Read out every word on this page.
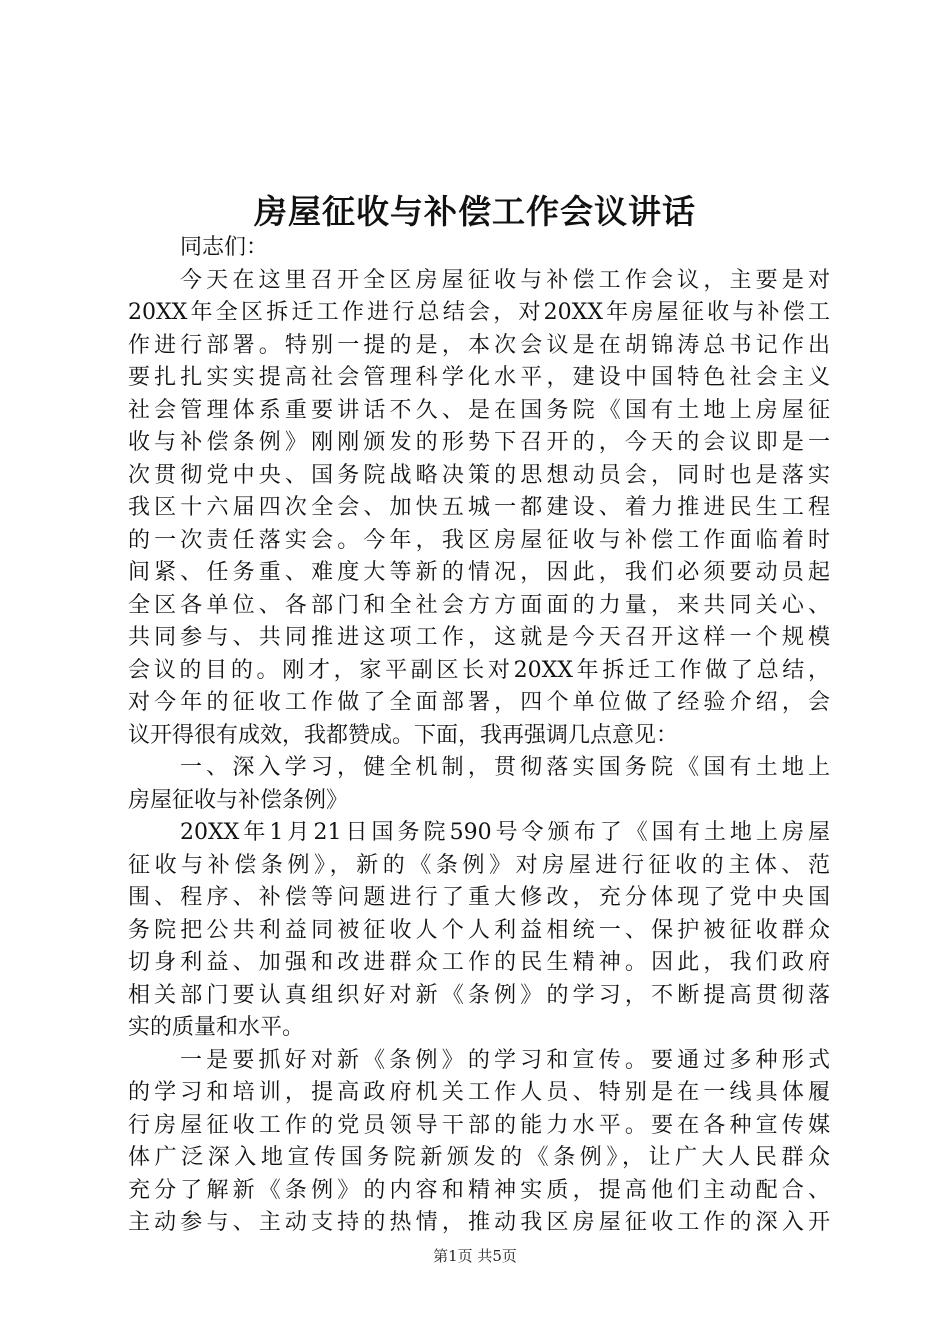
房屋征收与补偿工作会议讲话
同志们：
今天在这里召开全区房屋征收与补偿工作会议，主要是对
20XX年全区拆迁工作进行总结会，对20XX年房屋征收与补偿工
作进行部署。特别一提的是，本次会议是在胡锦涛总书记作出
要扎扎实实提高社会管理科学化水平，建设中国特色社会主义
社会管理体系重要讲话不久、是在国务院《国有土地上房屋征
收与补偿条例》刚刚颁发的形势下召开的，今天的会议即是一
次贯彻党中央、国务院战略决策的思想动员会，同时也是落实
我区十六届四次全会、加快五城一都建设、着力推进民生工程
的一次责任落实会。今年，我区房屋征收与补偿工作面临着时
间紧、任务重、难度大等新的情况，因此，我们必须要动员起
全区各单位、各部门和全社会方方面面的力量，来共同关心、
共同参与、共同推进这项工作，这就是今天召开这样一个规模
会议的目的。刚才，家平副区长对20XX年拆迁工作做了总结，
对今年的征收工作做了全面部署，四个单位做了经验介绍，会
议开得很有成效，我都赞成。下面，我再强调几点意见：
一、深入学习，健全机制，贯彻落实国务院《国有土地上
房屋征收与补偿条例》
20XX年1月21日国务院590号令颁布了《国有土地上房屋
征收与补偿条例》，新的《条例》对房屋进行征收的主体、范
围、程序、补偿等问题进行了重大修改，充分体现了党中央国
务院把公共利益同被征收人个人利益相统一、保护被征收群众
切身利益、加强和改进群众工作的民生精神。因此，我们政府
相关部门要认真组织好对新《条例》的学习，不断提高贯彻落
实的质量和水平。
一是要抓好对新《条例》的学习和宣传。要通过多种形式
的学习和培训，提高政府机关工作人员、特别是在一线具体履
行房屋征收工作的党员领导干部的能力水平。要在各种宣传媒
体广泛深入地宣传国务院新颁发的《条例》，让广大人民群众
充分了解新《条例》的内容和精神实质，提高他们主动配合、
主动参与、主动支持的热情，推动我区房屋征收工作的深入开
第1页 共5页
